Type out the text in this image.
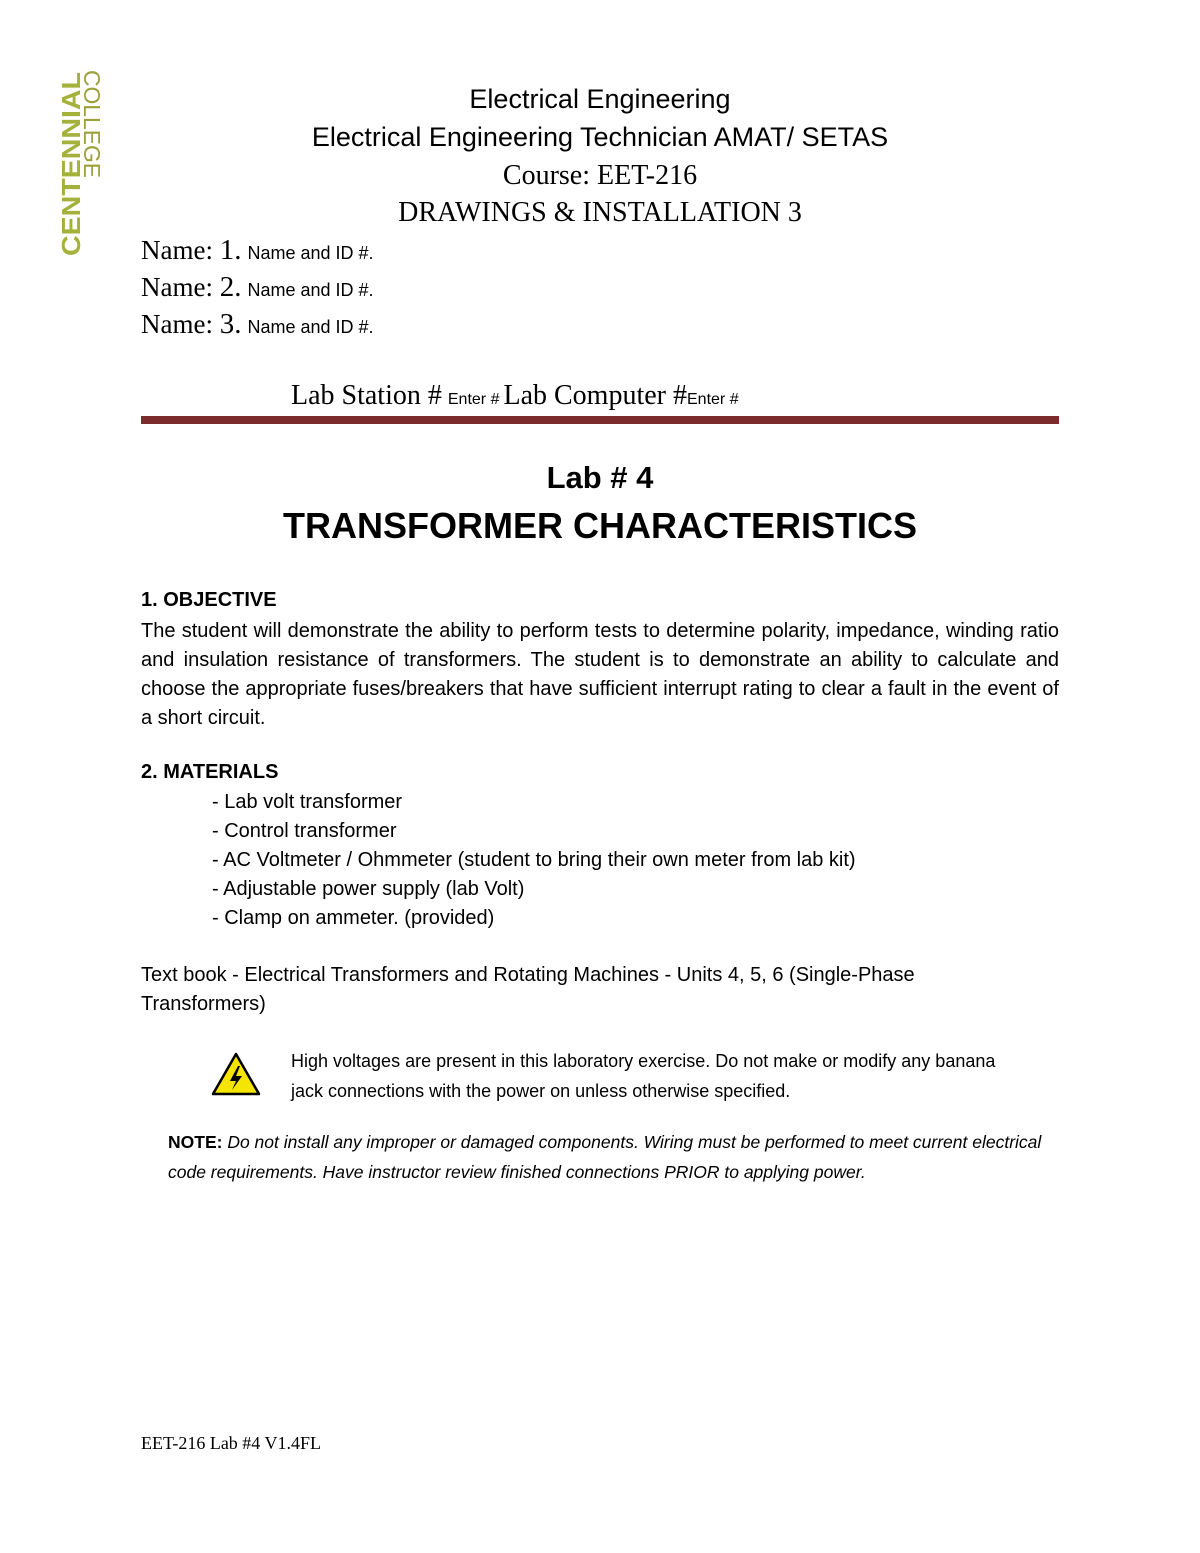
CENTENNIAL
COLLEGE	Electrical Engineering
Electrical Engineering Technician AMAT/ SETAS
Course: EET-216
DRAWINGS & INSTALLATION 3
Name: 1. Name and ID #.
Name: 2. Name and ID #.
Name: 3. Name and ID #.
Lab Station # Enter # Lab Computer #Enter #
Lab # 4
TRANSFORMER CHARACTERISTICS
1. OBJECTIVE
The student will demonstrate the ability to perform tests to determine polarity, impedance, winding ratio and insulation resistance of transformers. The student is to demonstrate an ability to calculate and choose the appropriate fuses/breakers that have sufficient interrupt rating to clear a fault in the event of a short circuit.
2. MATERIALS
- Lab volt transformer
- Control transformer
- AC Voltmeter / Ohmmeter (student to bring their own meter from lab kit)
- Adjustable power supply (lab Volt)
- Clamp on ammeter. (provided)
Text book - Electrical Transformers and Rotating Machines - Units 4, 5, 6 (Single-Phase Transformers)
High voltages are present in this laboratory exercise. Do not make or modify any banana jack connections with the power on unless otherwise specified.
NOTE: Do not install any improper or damaged components. Wiring must be performed to meet current electrical code requirements. Have instructor review finished connections PRIOR to applying power.
EET-216 Lab #4 V1.4FL
